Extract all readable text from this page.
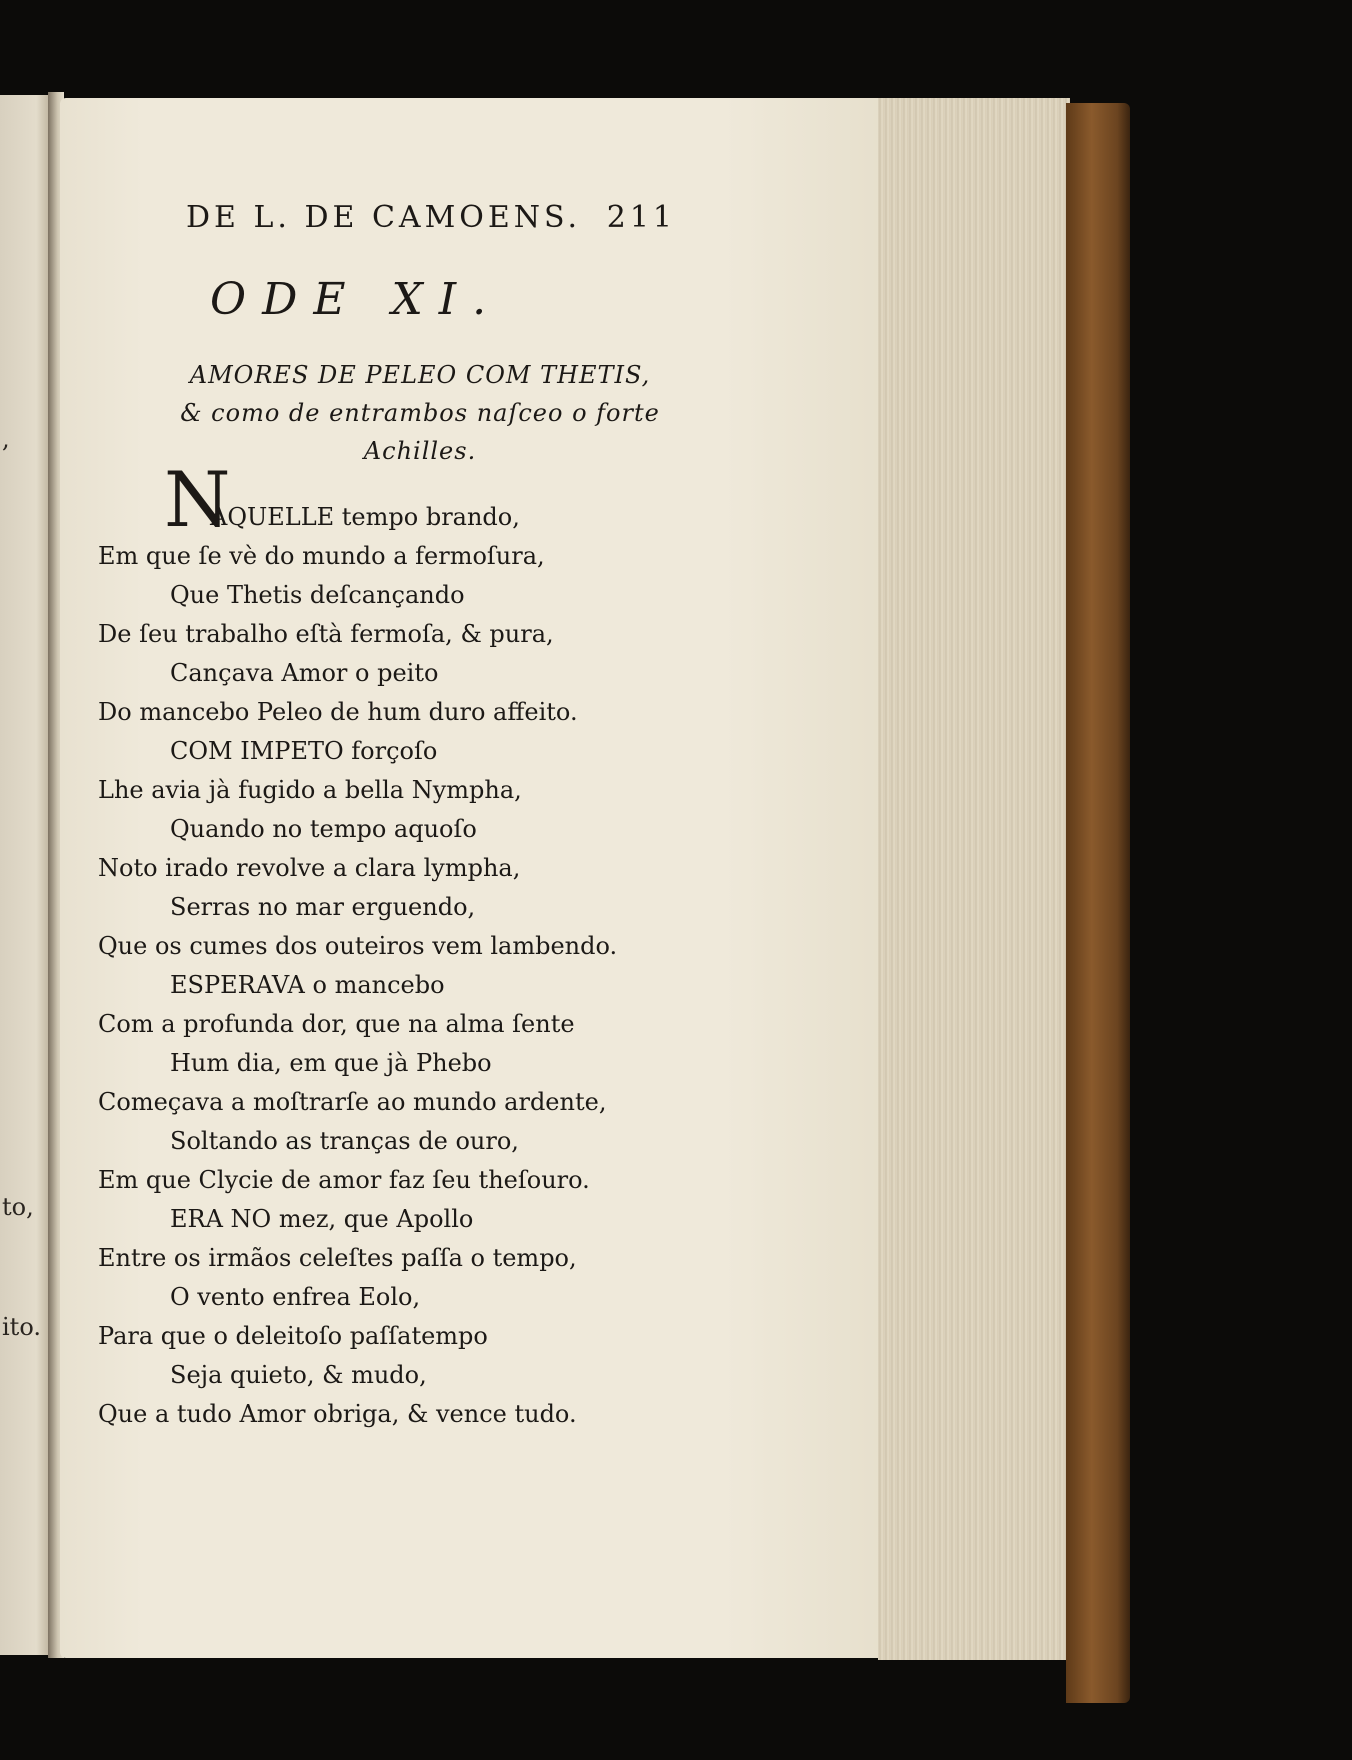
,
to,
ito.
DE L. DE CAMOENS. 211
ODE XI.
AMORES DE PELEO COM THETIS,
& como de entrambos naſceo o forte
Achilles.
N
AQUELLE tempo brando,
Em que ſe vè do mundo a fermoſura,
Que Thetis deſcançando
De ſeu trabalho eſtà fermoſa, & pura,
Cançava Amor o peito
Do mancebo Peleo de hum duro affeito.
COM IMPETO forçoſo
Lhe avia jà fugido a bella Nympha,
Quando no tempo aquoſo
Noto irado revolve a clara lympha,
Serras no mar erguendo,
Que os cumes dos outeiros vem lambendo.
ESPERAVA o mancebo
Com a profunda dor, que na alma ſente
Hum dia, em que jà Phebo
Começava a moſtrarſe ao mundo ardente,
Soltando as tranças de ouro,
Em que Clycie de amor faz ſeu theſouro.
ERA NO mez, que Apollo
Entre os irmãos celeſtes paſſa o tempo,
O vento enfrea Eolo,
Para que o deleitoſo paſſatempo
Seja quieto, & mudo,
Que a tudo Amor obriga, & vence tudo.
